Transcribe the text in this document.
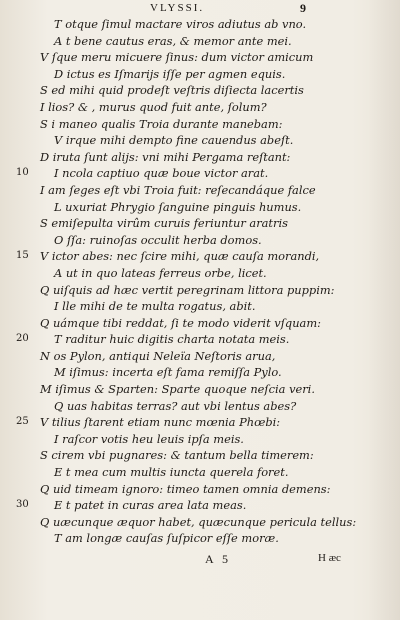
VLYSSI.	9
T otque ſimul mactare viros adiutus ab vno.
A t bene cautus eras, & memor ante mei.
V ſque meru micuere ſinus: dum victor amicum
D ictus es Iſmarijs iſſe per agmen equis.
S ed mihi quid prodeſt veſtris diſiecta lacertis
I lios? & , murus quod fuit ante, ſolum?
S i maneo qualis Troia durante manebam:
V irque mihi dempto fine cauendus abeſt.
D iruta ſunt alijs: vni mihi Pergama reſtant:
10 I ncola captiuo quæ boue victor arat.
I am ſeges eſt vbi Troia fuit: reſecandáque falce
L uxuriat Phrygio ſanguine pinguis humus.
S emiſepulta virûm curuis feriuntur aratris
O ſſa: ruinoſas occulit herba domos.
15 V ictor abes: nec ſcire mihi, quæ cauſa morandi,
A ut in quo lateas ferreus orbe, licet.
Q uiſquis ad hæc vertit peregrinam littora puppim:
I lle mihi de te multa rogatus, abit.
Q uámque tibi reddat, ſi te modo viderit vſquam:
20 T raditur huic digitis charta notata meis.
N os Pylon, antiqui Neleïa Neſtoris arua,
M iſimus: incerta eſt fama remiſſa Pylo.
M iſimus & Sparten: Sparte quoque neſcia veri.
Q uas habitas terras? aut vbi lentus abes?
25 V tilius ſtarent etiam nunc mœnia Phœbi:
I raſcor votis heu leuis ipſa meis.
S cirem vbi pugnares: & tantum bella timerem:
E t mea cum multis iuncta querela foret.
Q uid timeam ignoro: timeo tamen omnia demens:
30 E t patet in curas area lata meas.
Q uæcunque æquor habet, quæcunque pericula tellus:
T am longæ cauſas ſuſpicor eſſe moræ.
A 5	H æc
